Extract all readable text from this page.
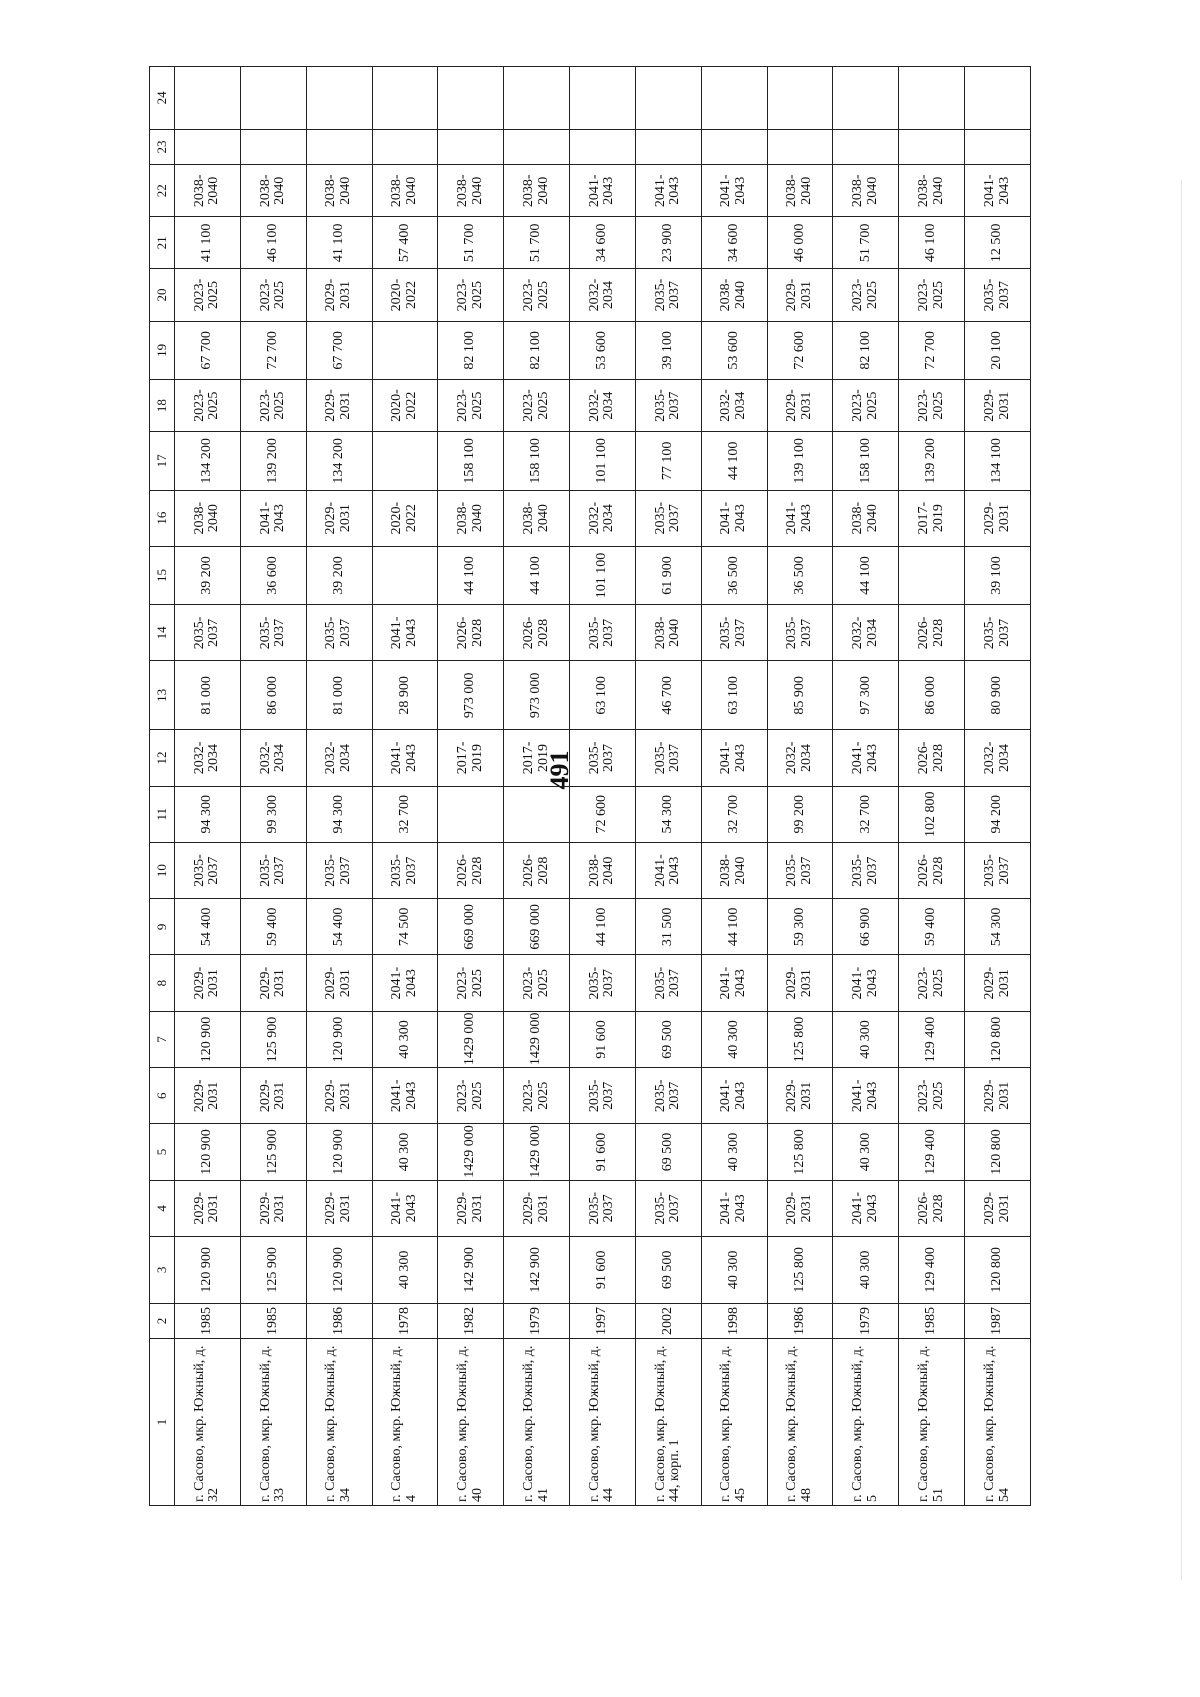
491
1	2	3	4	5	6	7	8	9	10	11	12	13	14	15	16	17	18	19	20	21	22	23	24
г. Сасово, мкр. Южный, д. 32	1985	120 900	2029-2031	120 900	2029-2031	120 900	2029-2031	54 400	2035-2037	94 300	2032-2034	81 000	2035-2037	39 200	2038-2040	134 200	2023-2025	67 700	2023-2025	41 100	2038-2040		
г. Сасово, мкр. Южный, д. 33	1985	125 900	2029-2031	125 900	2029-2031	125 900	2029-2031	59 400	2035-2037	99 300	2032-2034	86 000	2035-2037	36 600	2041-2043	139 200	2023-2025	72 700	2023-2025	46 100	2038-2040		
г. Сасово, мкр. Южный, д. 34	1986	120 900	2029-2031	120 900	2029-2031	120 900	2029-2031	54 400	2035-2037	94 300	2032-2034	81 000	2035-2037	39 200	2029-2031	134 200	2029-2031	67 700	2029-2031	41 100	2038-2040		
г. Сасово, мкр. Южный, д. 4	1978	40 300	2041-2043	40 300	2041-2043	40 300	2041-2043	74 500	2035-2037	32 700	2041-2043	28 900	2041-2043		2020-2022		2020-2022		2020-2022	57 400	2038-2040		
г. Сасово, мкр. Южный, д. 40	1982	142 900	2029-2031	1429 000	2023-2025	1429 000	2023-2025	669 000	2026-2028		2017-2019	973 000	2026-2028	44 100	2038-2040	158 100	2023-2025	82 100	2023-2025	51 700	2038-2040		
г. Сасово, мкр. Южный, д. 41	1979	142 900	2029-2031	1429 000	2023-2025	1429 000	2023-2025	669 000	2026-2028		2017-2019	973 000	2026-2028	44 100	2038-2040	158 100	2023-2025	82 100	2023-2025	51 700	2038-2040		
г. Сасово, мкр. Южный, д. 44	1997	91 600	2035-2037	91 600	2035-2037	91 600	2035-2037	44 100	2038-2040	72 600	2035-2037	63 100	2035-2037	101 100	2032-2034	101 100	2032-2034	53 600	2032-2034	34 600	2041-2043		
г. Сасово, мкр. Южный, д. 44, корп. 1	2002	69 500	2035-2037	69 500	2035-2037	69 500	2035-2037	31 500	2041-2043	54 300	2035-2037	46 700	2038-2040	61 900	2035-2037	77 100	2035-2037	39 100	2035-2037	23 900	2041-2043		
г. Сасово, мкр. Южный, д. 45	1998	40 300	2041-2043	40 300	2041-2043	40 300	2041-2043	44 100	2038-2040	32 700	2041-2043	63 100	2035-2037	36 500	2041-2043	44 100	2032-2034	53 600	2038-2040	34 600	2041-2043		
г. Сасово, мкр. Южный, д. 48	1986	125 800	2029-2031	125 800	2029-2031	125 800	2029-2031	59 300	2035-2037	99 200	2032-2034	85 900	2035-2037	36 500	2041-2043	139 100	2029-2031	72 600	2029-2031	46 000	2038-2040		
г. Сасово, мкр. Южный, д. 5	1979	40 300	2041-2043	40 300	2041-2043	40 300	2041-2043	66 900	2035-2037	32 700	2041-2043	97 300	2032-2034	44 100	2038-2040	158 100	2023-2025	82 100	2023-2025	51 700	2038-2040		
г. Сасово, мкр. Южный, д. 51	1985	129 400	2026-2028	129 400	2023-2025	129 400	2023-2025	59 400	2026-2028	102 800	2026-2028	86 000	2026-2028		2017-2019	139 200	2023-2025	72 700	2023-2025	46 100	2038-2040		
г. Сасово, мкр. Южный, д. 54	1987	120 800	2029-2031	120 800	2029-2031	120 800	2029-2031	54 300	2035-2037	94 200	2032-2034	80 900	2035-2037	39 100	2029-2031	134 100	2029-2031	20 100	2035-2037	12 500	2041-2043		
